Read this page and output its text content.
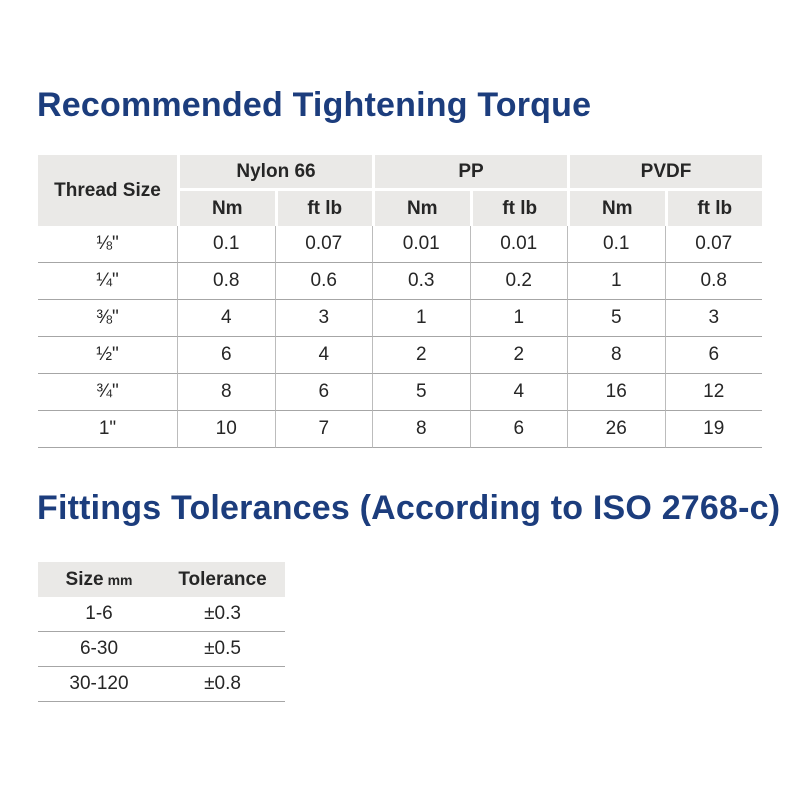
Recommended Tightening Torque
Thread Size
Nylon 66	PP	PVDF
Nm	ft lb	Nm	ft lb	Nm	ft lb
⅛"	0.1	0.07	0.01	0.01	0.1	0.07
¼"	0.8	0.6	0.3	0.2	1	0.8
⅜"	4	3	1	1	5	3
½"	6	4	2	2	8	6
¾"	8	6	5	4	16	12
1"	10	7	8	6	26	19
Fittings Tolerances (According to ISO 2768-c)
Size mm	Tolerance
1-6	±0.3
6-30	±0.5
30-120	±0.8
